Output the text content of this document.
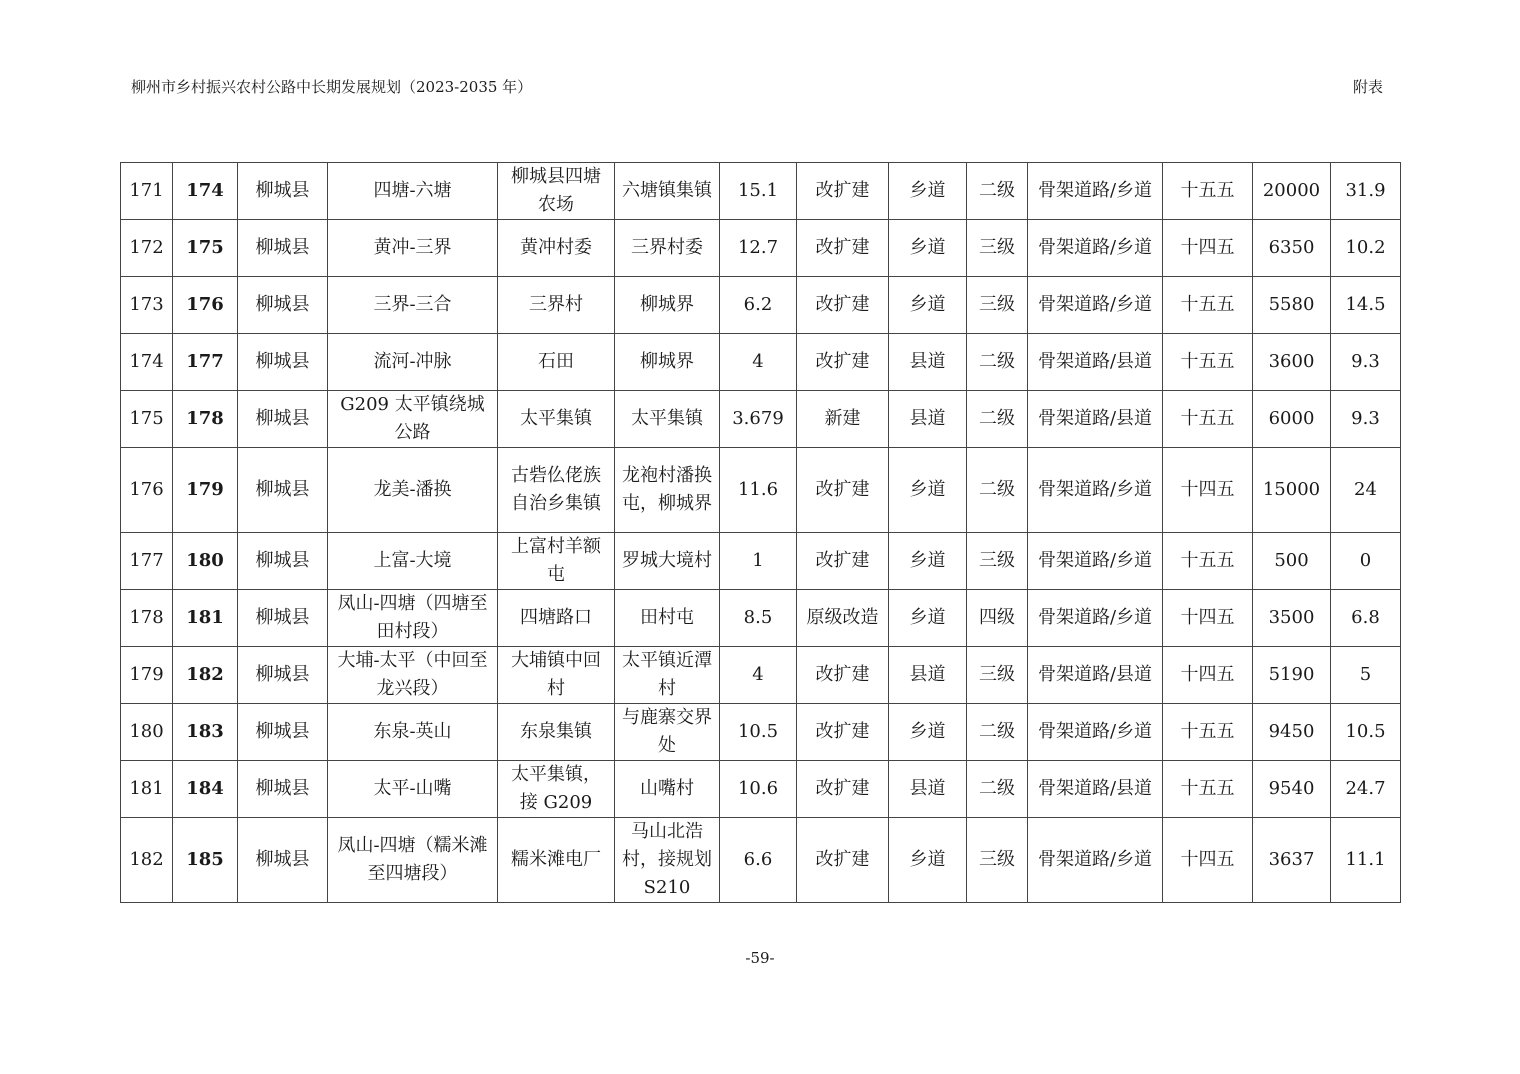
柳州市乡村振兴农村公路中长期发展规划（2023-2035 年）	附表
171	174	柳城县	四塘-六塘	柳城县四塘农场	六塘镇集镇	15.1	改扩建	乡道	二级	骨架道路/乡道	十五五	20000	31.9
172	175	柳城县	黄冲-三界	黄冲村委	三界村委	12.7	改扩建	乡道	三级	骨架道路/乡道	十四五	6350	10.2
173	176	柳城县	三界-三合	三界村	柳城界	6.2	改扩建	乡道	三级	骨架道路/乡道	十五五	5580	14.5
174	177	柳城县	流河-冲脉	石田	柳城界	4	改扩建	县道	二级	骨架道路/县道	十五五	3600	9.3
175	178	柳城县	G209 太平镇绕城公路	太平集镇	太平集镇	3.679	新建	县道	二级	骨架道路/县道	十五五	6000	9.3
176	179	柳城县	龙美-潘换	古砦仫佬族自治乡集镇	龙袍村潘换屯，柳城界	11.6	改扩建	乡道	二级	骨架道路/乡道	十四五	15000	24
177	180	柳城县	上富-大境	上富村羊额屯	罗城大境村	1	改扩建	乡道	三级	骨架道路/乡道	十五五	500	0
178	181	柳城县	凤山-四塘（四塘至田村段）	四塘路口	田村屯	8.5	原级改造	乡道	四级	骨架道路/乡道	十四五	3500	6.8
179	182	柳城县	大埔-太平（中回至龙兴段）	大埔镇中回村	太平镇近潭村	4	改扩建	县道	三级	骨架道路/县道	十四五	5190	5
180	183	柳城县	东泉-英山	东泉集镇	与鹿寨交界处	10.5	改扩建	乡道	二级	骨架道路/乡道	十五五	9450	10.5
181	184	柳城县	太平-山嘴	太平集镇，接 G209	山嘴村	10.6	改扩建	县道	二级	骨架道路/县道	十五五	9540	24.7
182	185	柳城县	凤山-四塘（糯米滩至四塘段）	糯米滩电厂	马山北浩村，接规划 S210	6.6	改扩建	乡道	三级	骨架道路/乡道	十四五	3637	11.1
-59-
